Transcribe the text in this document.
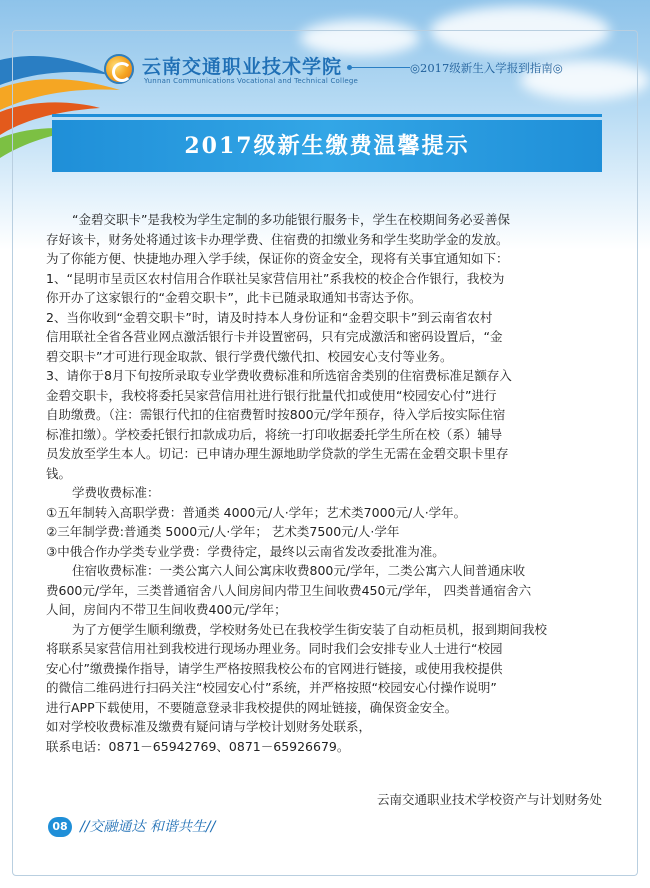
云南交通职业技术学院
Yunnan Communications Vocational and Technical College
◎2017级新生入学报到指南◎
2017级新生缴费温馨提示
“金碧交职卡”是我校为学生定制的多功能银行服务卡，学生在校期间务必妥善保
存好该卡，财务处将通过该卡办理学费、住宿费的扣缴业务和学生奖助学金的发放。
为了你能方便、快捷地办理入学手续，保证你的资金安全，现将有关事宜通知如下：
1、“昆明市呈贡区农村信用合作联社吴家营信用社”系我校的校企合作银行，我校为
你开办了这家银行的“金碧交职卡”，此卡已随录取通知书寄达予你。
2、当你收到“金碧交职卡”时，请及时持本人身份证和“金碧交职卡”到云南省农村
信用联社全省各营业网点激活银行卡并设置密码，只有完成激活和密码设置后，“金
碧交职卡”才可进行现金取款、银行学费代缴代扣、校园安心支付等业务。
3、请你于8月下旬按所录取专业学费收费标准和所选宿舍类别的住宿费标准足额存入
金碧交职卡，我校将委托吴家营信用社进行银行批量代扣或使用“校园安心付”进行
自助缴费。（注：需银行代扣的住宿费暂时按800元/学年预存，待入学后按实际住宿
标准扣缴）。学校委托银行扣款成功后，将统一打印收据委托学生所在校（系）辅导
员发放至学生本人。切记：已申请办理生源地助学贷款的学生无需在金碧交职卡里存
钱。
学费收费标准：
①五年制转入高职学费：普通类 4000元/人·学年；艺术类7000元/人·学年。
②三年制学费:普通类 5000元/人·学年； 艺术类7500元/人·学年
③中俄合作办学类专业学费：学费待定，最终以云南省发改委批准为准。
住宿收费标准：一类公寓六人间公寓床收费800元/学年，二类公寓六人间普通床收
费600元/学年，三类普通宿舍八人间房间内带卫生间收费450元/学年， 四类普通宿舍六
人间，房间内不带卫生间收费400元/学年；
为了方便学生顺利缴费，学校财务处已在我校学生街安装了自动柜员机，报到期间我校
将联系吴家营信用社到我校进行现场办理业务。同时我们会安排专业人士进行“校园
安心付”缴费操作指导，请学生严格按照我校公布的官网进行链接，或使用我校提供
的微信二维码进行扫码关注“校园安心付”系统，并严格按照“校园安心付操作说明”
进行APP下载使用，不要随意登录非我校提供的网址链接，确保资金安全。
如对学校收费标准及缴费有疑问请与学校计划财务处联系，
联系电话：0871－65942769、0871－65926679。
云南交通职业技术学校资产与计划财务处
08 //交融通达 和谐共生//
